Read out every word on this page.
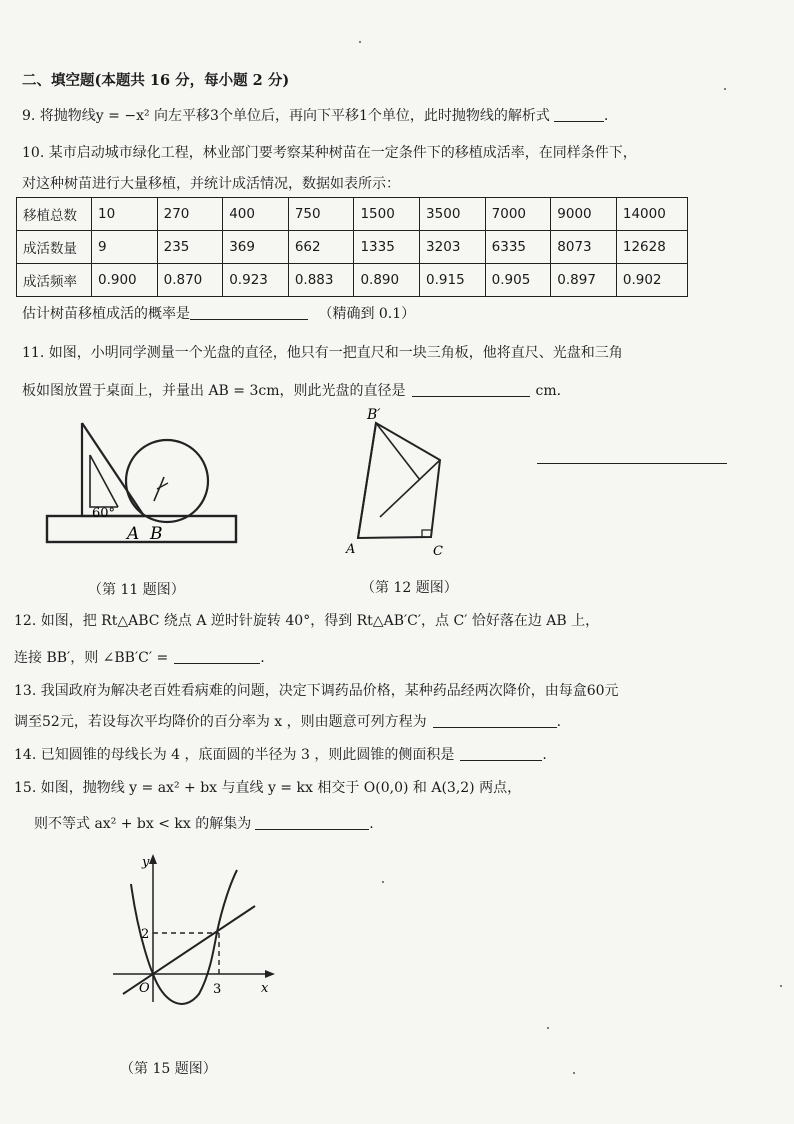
二、填空题(本题共 16 分，每小题 2 分)
9. 将抛物线y = −x² 向左平移3个单位后，再向下平移1个单位，此时抛物线的解析式	.
10. 某市启动城市绿化工程，林业部门要考察某种树苗在一定条件下的移植成活率，在同样条件下，
对这种树苗进行大量移植，并统计成活情况，数据如表所示：
移植总数	10	270	400	750	1500	3500	7000	9000	14000
成活数量	9	235	369	662	1335	3203	6335	8073	12628
成活频率	0.900	0.870	0.923	0.883	0.890	0.915	0.905	0.897	0.902
估计树苗移植成活的概率是	（精确到 0.1）
11. 如图，小明同学测量一个光盘的直径，他只有一把直尺和一块三角板，他将直尺、光盘和三角
板如图放置于桌面上，并量出 AB = 3cm，则此光盘的直径是	cm.
60°
A B
（第 11 题图）
B′
A	C
（第 12 题图）
12. 如图，把 Rt△ABC 绕点 A 逆时针旋转 40°，得到 Rt△AB′C′，点 C′ 恰好落在边 AB 上，
连接 BB′，则 ∠BB′C′ =	.
13. 我国政府为解决老百姓看病难的问题，决定下调药品价格，某种药品经两次降价，由每盒60元
调至52元，若设每次平均降价的百分率为 x ，则由题意可列方程为	.
14. 已知圆锥的母线长为 4 ，底面圆的半径为 3 ，则此圆锥的侧面积是	.
15. 如图，抛物线 y = ax² + bx 与直线 y = kx 相交于 O(0,0) 和 A(3,2) 两点，
则不等式 ax² + bx < kx 的解集为	.
y
x
O
2
3
（第 15 题图）
